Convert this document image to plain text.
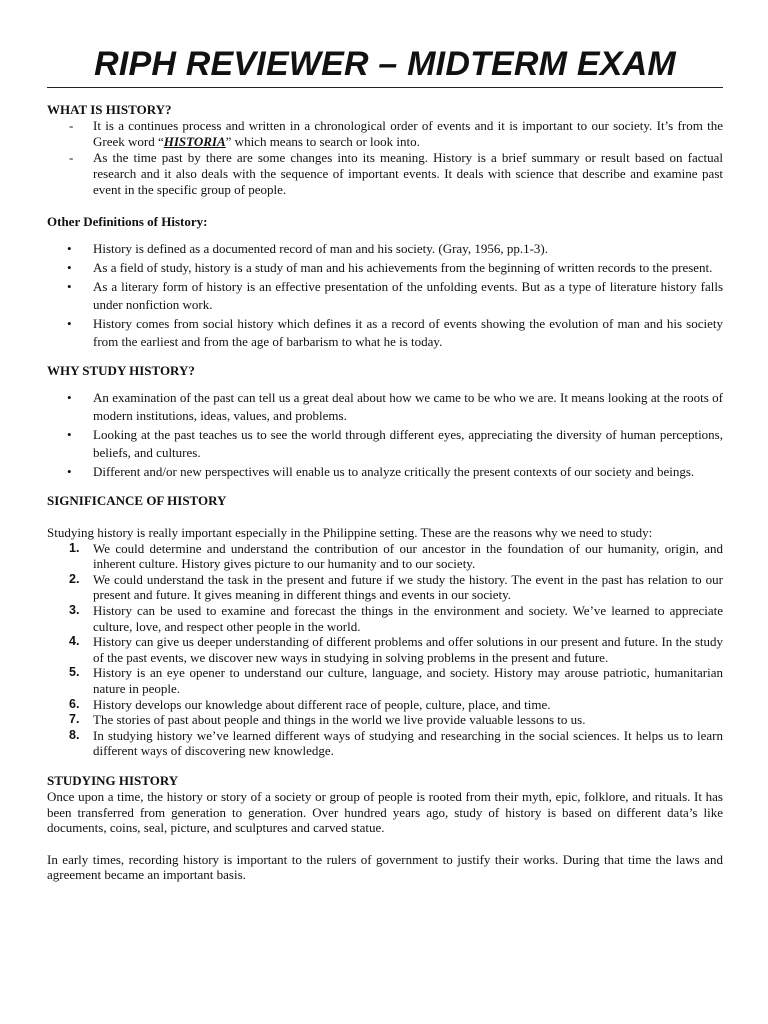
RIPH REVIEWER – MIDTERM EXAM

WHAT IS HISTORY?

- It is a continues process and written in a chronological order of events and it is important to our society. It’s from the Greek word “HISTORIA” which means to search or look into.
- As the time past by there are some changes into its meaning. History is a brief summary or result based on factual research and it also deals with the sequence of important events. It deals with science that describe and examine past event in the specific group of people.

Other Definitions of History:

• History is defined as a documented record of man and his society. (Gray, 1956, pp.1-3).
• As a field of study, history is a study of man and his achievements from the beginning of written records to the present.
• As a literary form of history is an effective presentation of the unfolding events. But as a type of literature history falls under nonfiction work.
• History comes from social history which defines it as a record of events showing the evolution of man and his society from the earliest and from the age of barbarism to what he is today.

WHY STUDY HISTORY?

• An examination of the past can tell us a great deal about how we came to be who we are. It means looking at the roots of modern institutions, ideas, values, and problems.
• Looking at the past teaches us to see the world through different eyes, appreciating the diversity of human perceptions, beliefs, and cultures.
• Different and/or new perspectives will enable us to analyze critically the present contexts of our society and beings.

SIGNIFICANCE OF HISTORY

Studying history is really important especially in the Philippine setting. These are the reasons why we need to study:

1. We could determine and understand the contribution of our ancestor in the foundation of our humanity, origin, and inherent culture. History gives picture to our humanity and to our society.
2. We could understand the task in the present and future if we study the history. The event in the past has relation to our present and future. It gives meaning in different things and events in our society.
3. History can be used to examine and forecast the things in the environment and society. We’ve learned to appreciate culture, love, and respect other people in the world.
4. History can give us deeper understanding of different problems and offer solutions in our present and future. In the study of the past events, we discover new ways in studying in solving problems in the present and future.
5. History is an eye opener to understand our culture, language, and society. History may arouse patriotic, humanitarian nature in people.
6. History develops our knowledge about different race of people, culture, place, and time.
7. The stories of past about people and things in the world we live provide valuable lessons to us.
8. In studying history we’ve learned different ways of studying and researching in the social sciences. It helps us to learn different ways of discovering new knowledge.

STUDYING HISTORY

Once upon a time, the history or story of a society or group of people is rooted from their myth, epic, folklore, and rituals. It has been transferred from generation to generation. Over hundred years ago, study of history is based on different data’s like documents, coins, seal, picture, and sculptures and carved statue.

In early times, recording history is important to the rulers of government to justify their works. During that time the laws and agreement became an important basis.
